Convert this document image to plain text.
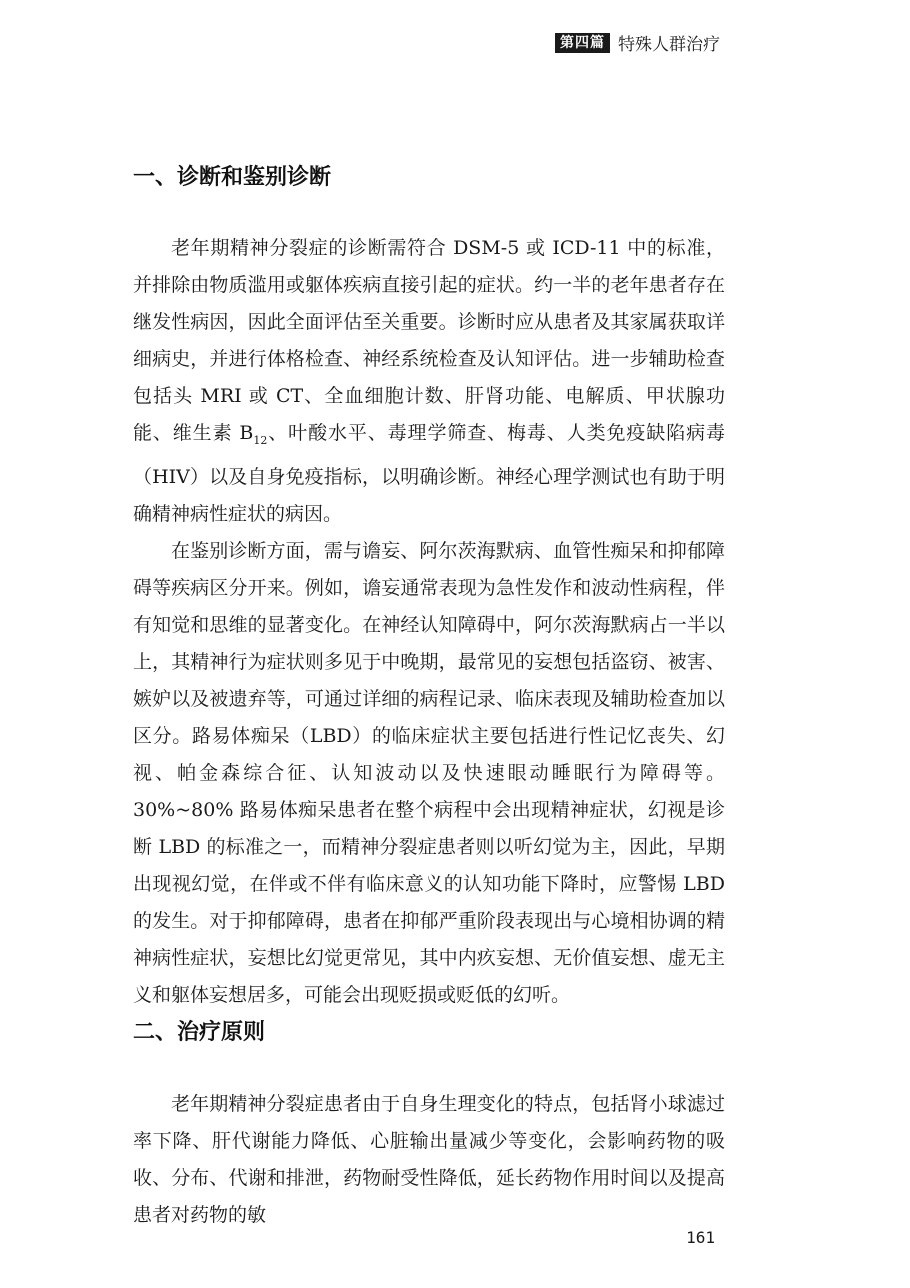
第四篇 特殊人群治疗
一、诊断和鉴别诊断

老年期精神分裂症的诊断需符合 DSM-5 或 ICD-11 中的标准，并排除由物质滥用或躯体疾病直接引起的症状。约一半的老年患者存在继发性病因，因此全面评估至关重要。诊断时应从患者及其家属获取详细病史，并进行体格检查、神经系统检查及认知评估。进一步辅助检查包括头 MRI 或 CT、全血细胞计数、肝肾功能、电解质、甲状腺功能、维生素 $B_{12}$、叶酸水平、毒理学筛查、梅毒、人类免疫缺陷病毒（HIV）以及自身免疫指标，以明确诊断。神经心理学测试也有助于明确精神病性症状的病因。

在鉴别诊断方面，需与谵妄、阿尔茨海默病、血管性痴呆和抑郁障碍等疾病区分开来。例如，谵妄通常表现为急性发作和波动性病程，伴有知觉和思维的显著变化。在神经认知障碍中，阿尔茨海默病占一半以上，其精神行为症状则多见于中晚期，最常见的妄想包括盗窃、被害、嫉妒以及被遗弃等，可通过详细的病程记录、临床表现及辅助检查加以区分。路易体痴呆（LBD）的临床症状主要包括进行性记忆丧失、幻视、帕金森综合征、认知波动以及快速眼动睡眠行为障碍等。30%~80% 路易体痴呆患者在整个病程中会出现精神症状，幻视是诊断 LBD 的标准之一，而精神分裂症患者则以听幻觉为主，因此，早期出现视幻觉，在伴或不伴有临床意义的认知功能下降时，应警惕 LBD 的发生。对于抑郁障碍，患者在抑郁严重阶段表现出与心境相协调的精神病性症状，妄想比幻觉更常见，其中内疚妄想、无价值妄想、虚无主义和躯体妄想居多，可能会出现贬损或贬低的幻听。

二、治疗原则

老年期精神分裂症患者由于自身生理变化的特点，包括肾小球滤过率下降、肝代谢能力降低、心脏输出量减少等变化，会影响药物的吸收、分布、代谢和排泄，药物耐受性降低，延长药物作用时间以及提高患者对药物的敏

161
